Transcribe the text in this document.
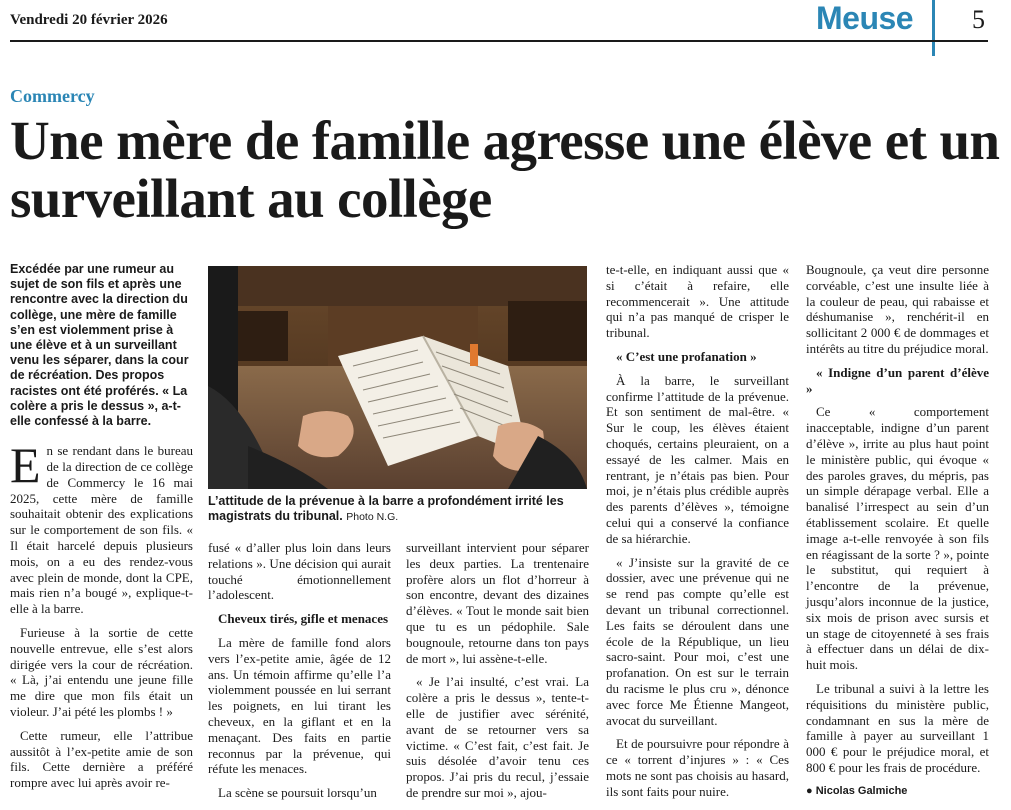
Vendredi 20 février 2026	Meuse 5
Commercy
Une mère de famille agresse une élève et un surveillant au collège

Excédée par une rumeur au sujet de son fils et après une rencontre avec la direction du collège, une mère de famille s’en est violemment prise à une élève et à un surveillant venu les séparer, dans la cour de récréation. Des propos racistes ont été proférés. « La colère a pris le dessus », a-t-elle confessé à la barre.

En se rendant dans le bureau de la direction de ce collège de Commercy le 16 mai 2025, cette mère de famille souhaitait obtenir des explications sur le comportement de son fils. « Il était harcelé depuis plusieurs mois, on a eu des rendez-vous avec plein de monde, dont la CPE, mais rien n’a bougé », explique-t-elle à la barre.

Furieuse à la sortie de cette nouvelle entrevue, elle s’est alors dirigée vers la cour de récréation. « Là, j’ai entendu une jeune fille me dire que mon fils était un violeur. J’ai pété les plombs ! »

Cette rumeur, elle l’attribue aussitôt à l’ex-petite amie de son fils. Cette dernière a préféré rompre avec lui après avoir re-

L’attitude de la prévenue à la barre a profondément irrité les magistrats du tribunal. Photo N.G.

fusé « d’aller plus loin dans leurs relations ». Une décision qui aurait touché émotionnellement l’adolescent.

Cheveux tirés, gifle et menaces

La mère de famille fond alors vers l’ex-petite amie, âgée de 12 ans. Un témoin affirme qu’elle l’a violemment poussée en lui serrant les poignets, en lui tirant les cheveux, en la giflant et en la menaçant. Des faits en partie reconnus par la prévenue, qui réfute les menaces.

La scène se poursuit lorsqu’un

surveillant intervient pour séparer les deux parties. La trentenaire profère alors un flot d’horreur à son encontre, devant des dizaines d’élèves. « Tout le monde sait bien que tu es un pédophile. Sale bougnoule, retourne dans ton pays de mort », lui assène-t-elle.

« Je l’ai insulté, c’est vrai. La colère a pris le dessus », tente-t-elle de justifier avec sérénité, avant de se retourner vers sa victime. « C’est fait, c’est fait. Je suis désolée d’avoir tenu ces propos. J’ai pris du recul, j’essaie de prendre sur moi », ajou-

te-t-elle, en indiquant aussi que « si c’était à refaire, elle recommencerait ». Une attitude qui n’a pas manqué de crisper le tribunal.

« C’est une profanation »

À la barre, le surveillant confirme l’attitude de la prévenue. Et son sentiment de mal-être. « Sur le coup, les élèves étaient choqués, certains pleuraient, on a essayé de les calmer. Mais en rentrant, je n’étais pas bien. Pour moi, je n’étais plus crédible auprès des parents d’élèves », témoigne celui qui a conservé la confiance de sa hiérarchie.

« J’insiste sur la gravité de ce dossier, avec une prévenue qui ne se rend pas compte qu’elle est devant un tribunal correctionnel. Les faits se déroulent dans une école de la République, un lieu sacro-saint. Pour moi, c’est une profanation. On est sur le terrain du racisme le plus cru », dénonce avec force Me Étienne Mangeot, avocat du surveillant.

Et de poursuivre pour répondre à ce « torrent d’injures » : « Ces mots ne sont pas choisis au hasard, ils sont faits pour nuire.

Bougnoule, ça veut dire personne corvéable, c’est une insulte liée à la couleur de peau, qui rabaisse et déshumanise », renchérit-il en sollicitant 2 000 € de dommages et intérêts au titre du préjudice moral.

« Indigne d’un parent d’élève »

Ce « comportement inacceptable, indigne d’un parent d’élève », irrite au plus haut point le ministère public, qui évoque « des paroles graves, du mépris, pas un simple dérapage verbal. Elle a banalisé l’irrespect au sein d’un établissement scolaire. Et quelle image a-t-elle renvoyée à son fils en réagissant de la sorte ? », pointe le substitut, qui requiert à l’encontre de la prévenue, jusqu’alors inconnue de la justice, six mois de prison avec sursis et un stage de citoyenneté à ses frais à effectuer dans un délai de dix-huit mois.

Le tribunal a suivi à la lettre les réquisitions du ministère public, condamnant en sus la mère de famille à payer au surveillant 1 000 € pour le préjudice moral, et 800 € pour les frais de procédure.

● Nicolas Galmiche
